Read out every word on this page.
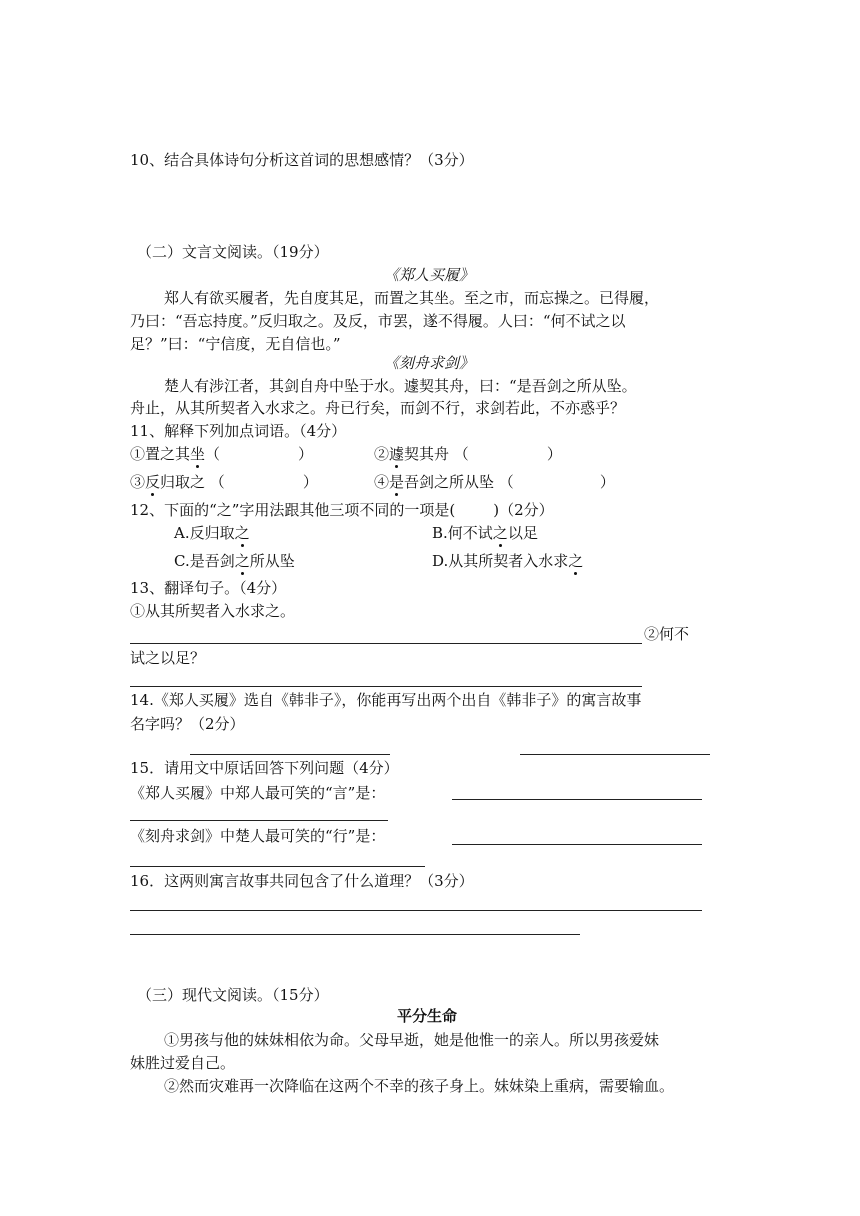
10、结合具体诗句分析这首词的思想感情？（3分）
（二）文言文阅读。（19分）
《郑人买履》
郑人有欲买履者，先自度其足，而置之其坐。至之市，而忘操之。已得履，
乃曰：“吾忘持度。”反归取之。及反，市罢，遂不得履。人曰：“何不试之以
足？”曰：“宁信度，无自信也。”
《刻舟求剑》
楚人有涉江者，其剑自舟中坠于水。遽契其舟，曰：“是吾剑之所从坠。
舟止，从其所契者入水求之。舟已行矣，而剑不行，求剑若此，不亦惑乎？
11、解释下列加点词语。（4分）
①置之其坐（	）	②遽契其舟 （	）
③反归取之 （	）	④是吾剑之所从坠 （	）
12、下面的“之”字用法跟其他三项不同的一项是(	)（2分）
A.反归取之	B.何不试之以足
C.是吾剑之所从坠	D.从其所契者入水求之
13、翻译句子。（4分）
①从其所契者入水求之。
②何不
试之以足？
14.《郑人买履》选自《韩非子》，你能再写出两个出自《韩非子》的寓言故事
名字吗？（2分）
15．请用文中原话回答下列问题（4分）
《郑人买履》中郑人最可笑的“言”是：
《刻舟求剑》中楚人最可笑的“行”是：
16．这两则寓言故事共同包含了什么道理？（3分）
（三）现代文阅读。（15分）
平分生命
①男孩与他的妹妹相依为命。父母早逝，她是他惟一的亲人。所以男孩爱妹
妹胜过爱自己。
②然而灾难再一次降临在这两个不幸的孩子身上。妹妹染上重病，需要输血。
